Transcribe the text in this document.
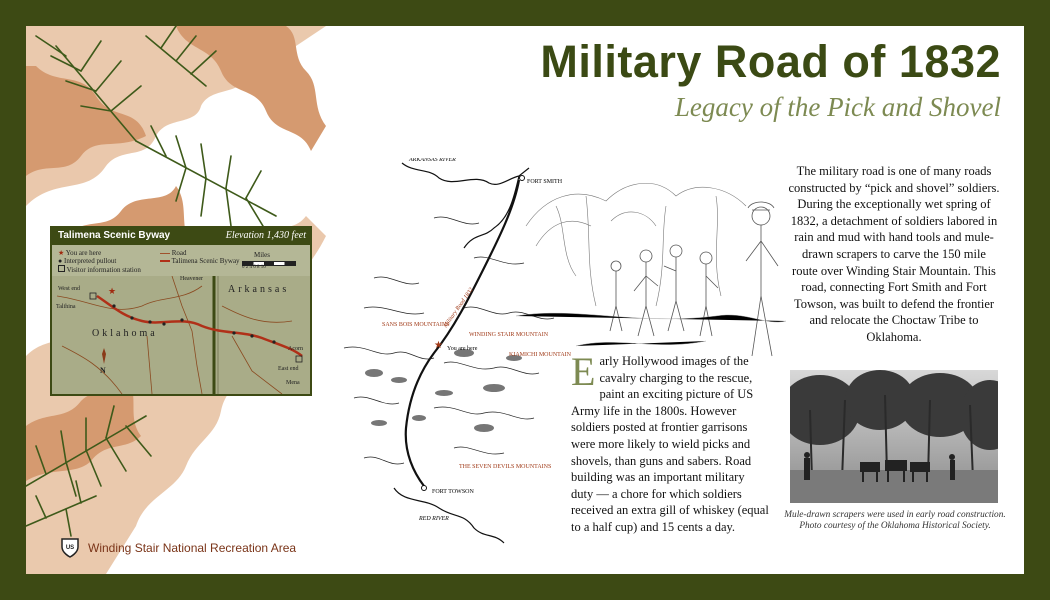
Military Road of 1832
Legacy of the Pick and Shovel
Talimena Scenic Byway	Elevation 1,430 feet
★ You are here
● Interpreted pullout
Visitor information station
Road
Talimena Scenic Byway
Miles
0 2 4 6 8 10
★
West end
Talihina
Heavener
East end
Mena
Acorn
Oklahoma
Arkansas
N
US Winding Stair National Recreation Area
★
ARKANSAS RIVER
FORT SMITH
FORT TOWSON
RED RIVER
SANS BOIS MOUNTAINS
WINDING STAIR MOUNTAIN
KIAMICHI MOUNTAIN
THE SEVEN DEVILS MOUNTAINS
You are here
Military Road 1832
Early Hollywood images of the cavalry charging to the rescue, paint an exciting picture of US Army life in the 1800s. However soldiers posted at frontier garrisons were more likely to wield picks and shovels, than guns and sabers. Road building was an important military duty — a chore for which soldiers received an extra gill of whiskey (equal to a half cup) and 15 cents a day.
The military road is one of many roads constructed by “pick and shovel” soldiers. During the exceptionally wet spring of 1832, a detachment of soldiers labored in rain and mud with hand tools and mule-drawn scrapers to carve the 150 mile route over Winding Stair Mountain. This road, connecting Fort Smith and Fort Towson, was built to defend the frontier and relocate the Choctaw Tribe to Oklahoma.
Mule-drawn scrapers were used in early road construction. Photo courtesy of the Oklahoma Historical Society.
